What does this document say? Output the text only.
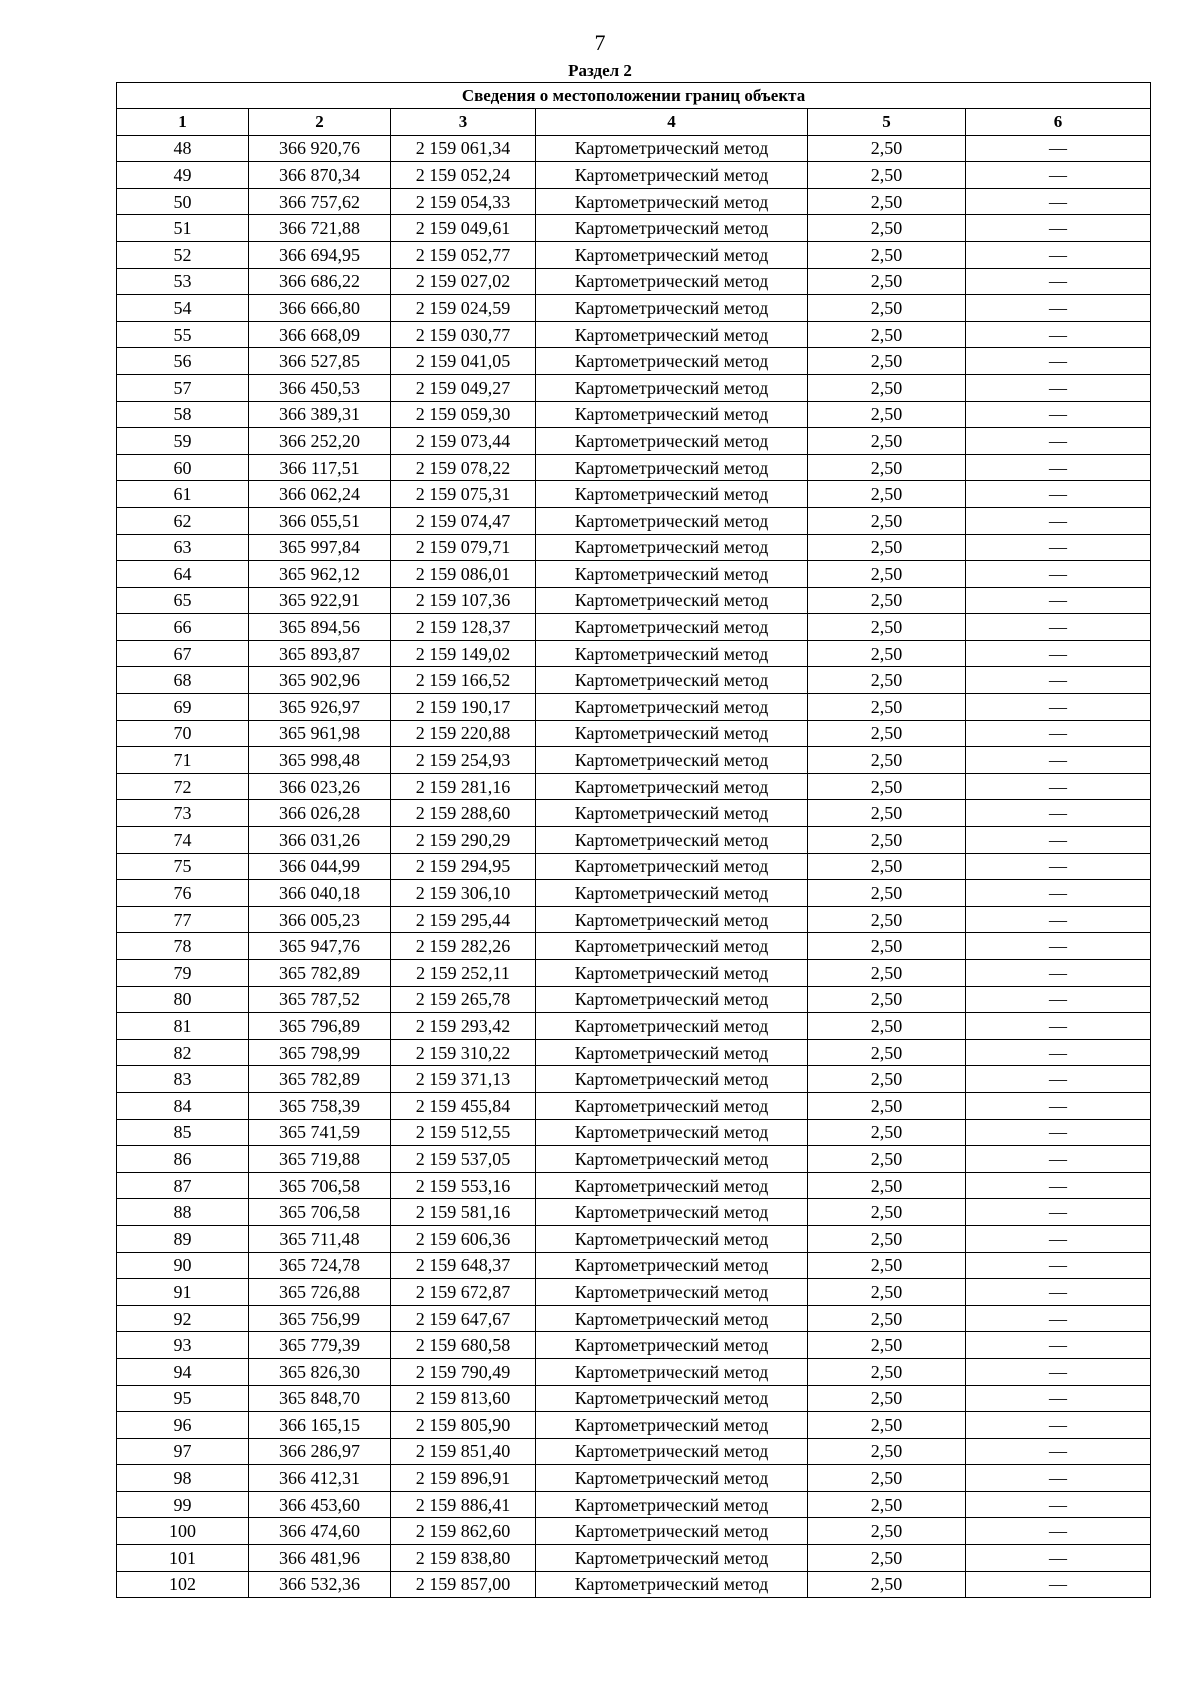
7
Раздел 2
Сведения о местоположении границ объекта					
1	2	3	4	5	6
48	366 920,76	2 159 061,34	Картометрический метод	2,50	—
49	366 870,34	2 159 052,24	Картометрический метод	2,50	—
50	366 757,62	2 159 054,33	Картометрический метод	2,50	—
51	366 721,88	2 159 049,61	Картометрический метод	2,50	—
52	366 694,95	2 159 052,77	Картометрический метод	2,50	—
53	366 686,22	2 159 027,02	Картометрический метод	2,50	—
54	366 666,80	2 159 024,59	Картометрический метод	2,50	—
55	366 668,09	2 159 030,77	Картометрический метод	2,50	—
56	366 527,85	2 159 041,05	Картометрический метод	2,50	—
57	366 450,53	2 159 049,27	Картометрический метод	2,50	—
58	366 389,31	2 159 059,30	Картометрический метод	2,50	—
59	366 252,20	2 159 073,44	Картометрический метод	2,50	—
60	366 117,51	2 159 078,22	Картометрический метод	2,50	—
61	366 062,24	2 159 075,31	Картометрический метод	2,50	—
62	366 055,51	2 159 074,47	Картометрический метод	2,50	—
63	365 997,84	2 159 079,71	Картометрический метод	2,50	—
64	365 962,12	2 159 086,01	Картометрический метод	2,50	—
65	365 922,91	2 159 107,36	Картометрический метод	2,50	—
66	365 894,56	2 159 128,37	Картометрический метод	2,50	—
67	365 893,87	2 159 149,02	Картометрический метод	2,50	—
68	365 902,96	2 159 166,52	Картометрический метод	2,50	—
69	365 926,97	2 159 190,17	Картометрический метод	2,50	—
70	365 961,98	2 159 220,88	Картометрический метод	2,50	—
71	365 998,48	2 159 254,93	Картометрический метод	2,50	—
72	366 023,26	2 159 281,16	Картометрический метод	2,50	—
73	366 026,28	2 159 288,60	Картометрический метод	2,50	—
74	366 031,26	2 159 290,29	Картометрический метод	2,50	—
75	366 044,99	2 159 294,95	Картометрический метод	2,50	—
76	366 040,18	2 159 306,10	Картометрический метод	2,50	—
77	366 005,23	2 159 295,44	Картометрический метод	2,50	—
78	365 947,76	2 159 282,26	Картометрический метод	2,50	—
79	365 782,89	2 159 252,11	Картометрический метод	2,50	—
80	365 787,52	2 159 265,78	Картометрический метод	2,50	—
81	365 796,89	2 159 293,42	Картометрический метод	2,50	—
82	365 798,99	2 159 310,22	Картометрический метод	2,50	—
83	365 782,89	2 159 371,13	Картометрический метод	2,50	—
84	365 758,39	2 159 455,84	Картометрический метод	2,50	—
85	365 741,59	2 159 512,55	Картометрический метод	2,50	—
86	365 719,88	2 159 537,05	Картометрический метод	2,50	—
87	365 706,58	2 159 553,16	Картометрический метод	2,50	—
88	365 706,58	2 159 581,16	Картометрический метод	2,50	—
89	365 711,48	2 159 606,36	Картометрический метод	2,50	—
90	365 724,78	2 159 648,37	Картометрический метод	2,50	—
91	365 726,88	2 159 672,87	Картометрический метод	2,50	—
92	365 756,99	2 159 647,67	Картометрический метод	2,50	—
93	365 779,39	2 159 680,58	Картометрический метод	2,50	—
94	365 826,30	2 159 790,49	Картометрический метод	2,50	—
95	365 848,70	2 159 813,60	Картометрический метод	2,50	—
96	366 165,15	2 159 805,90	Картометрический метод	2,50	—
97	366 286,97	2 159 851,40	Картометрический метод	2,50	—
98	366 412,31	2 159 896,91	Картометрический метод	2,50	—
99	366 453,60	2 159 886,41	Картометрический метод	2,50	—
100	366 474,60	2 159 862,60	Картометрический метод	2,50	—
101	366 481,96	2 159 838,80	Картометрический метод	2,50	—
102	366 532,36	2 159 857,00	Картометрический метод	2,50	—
